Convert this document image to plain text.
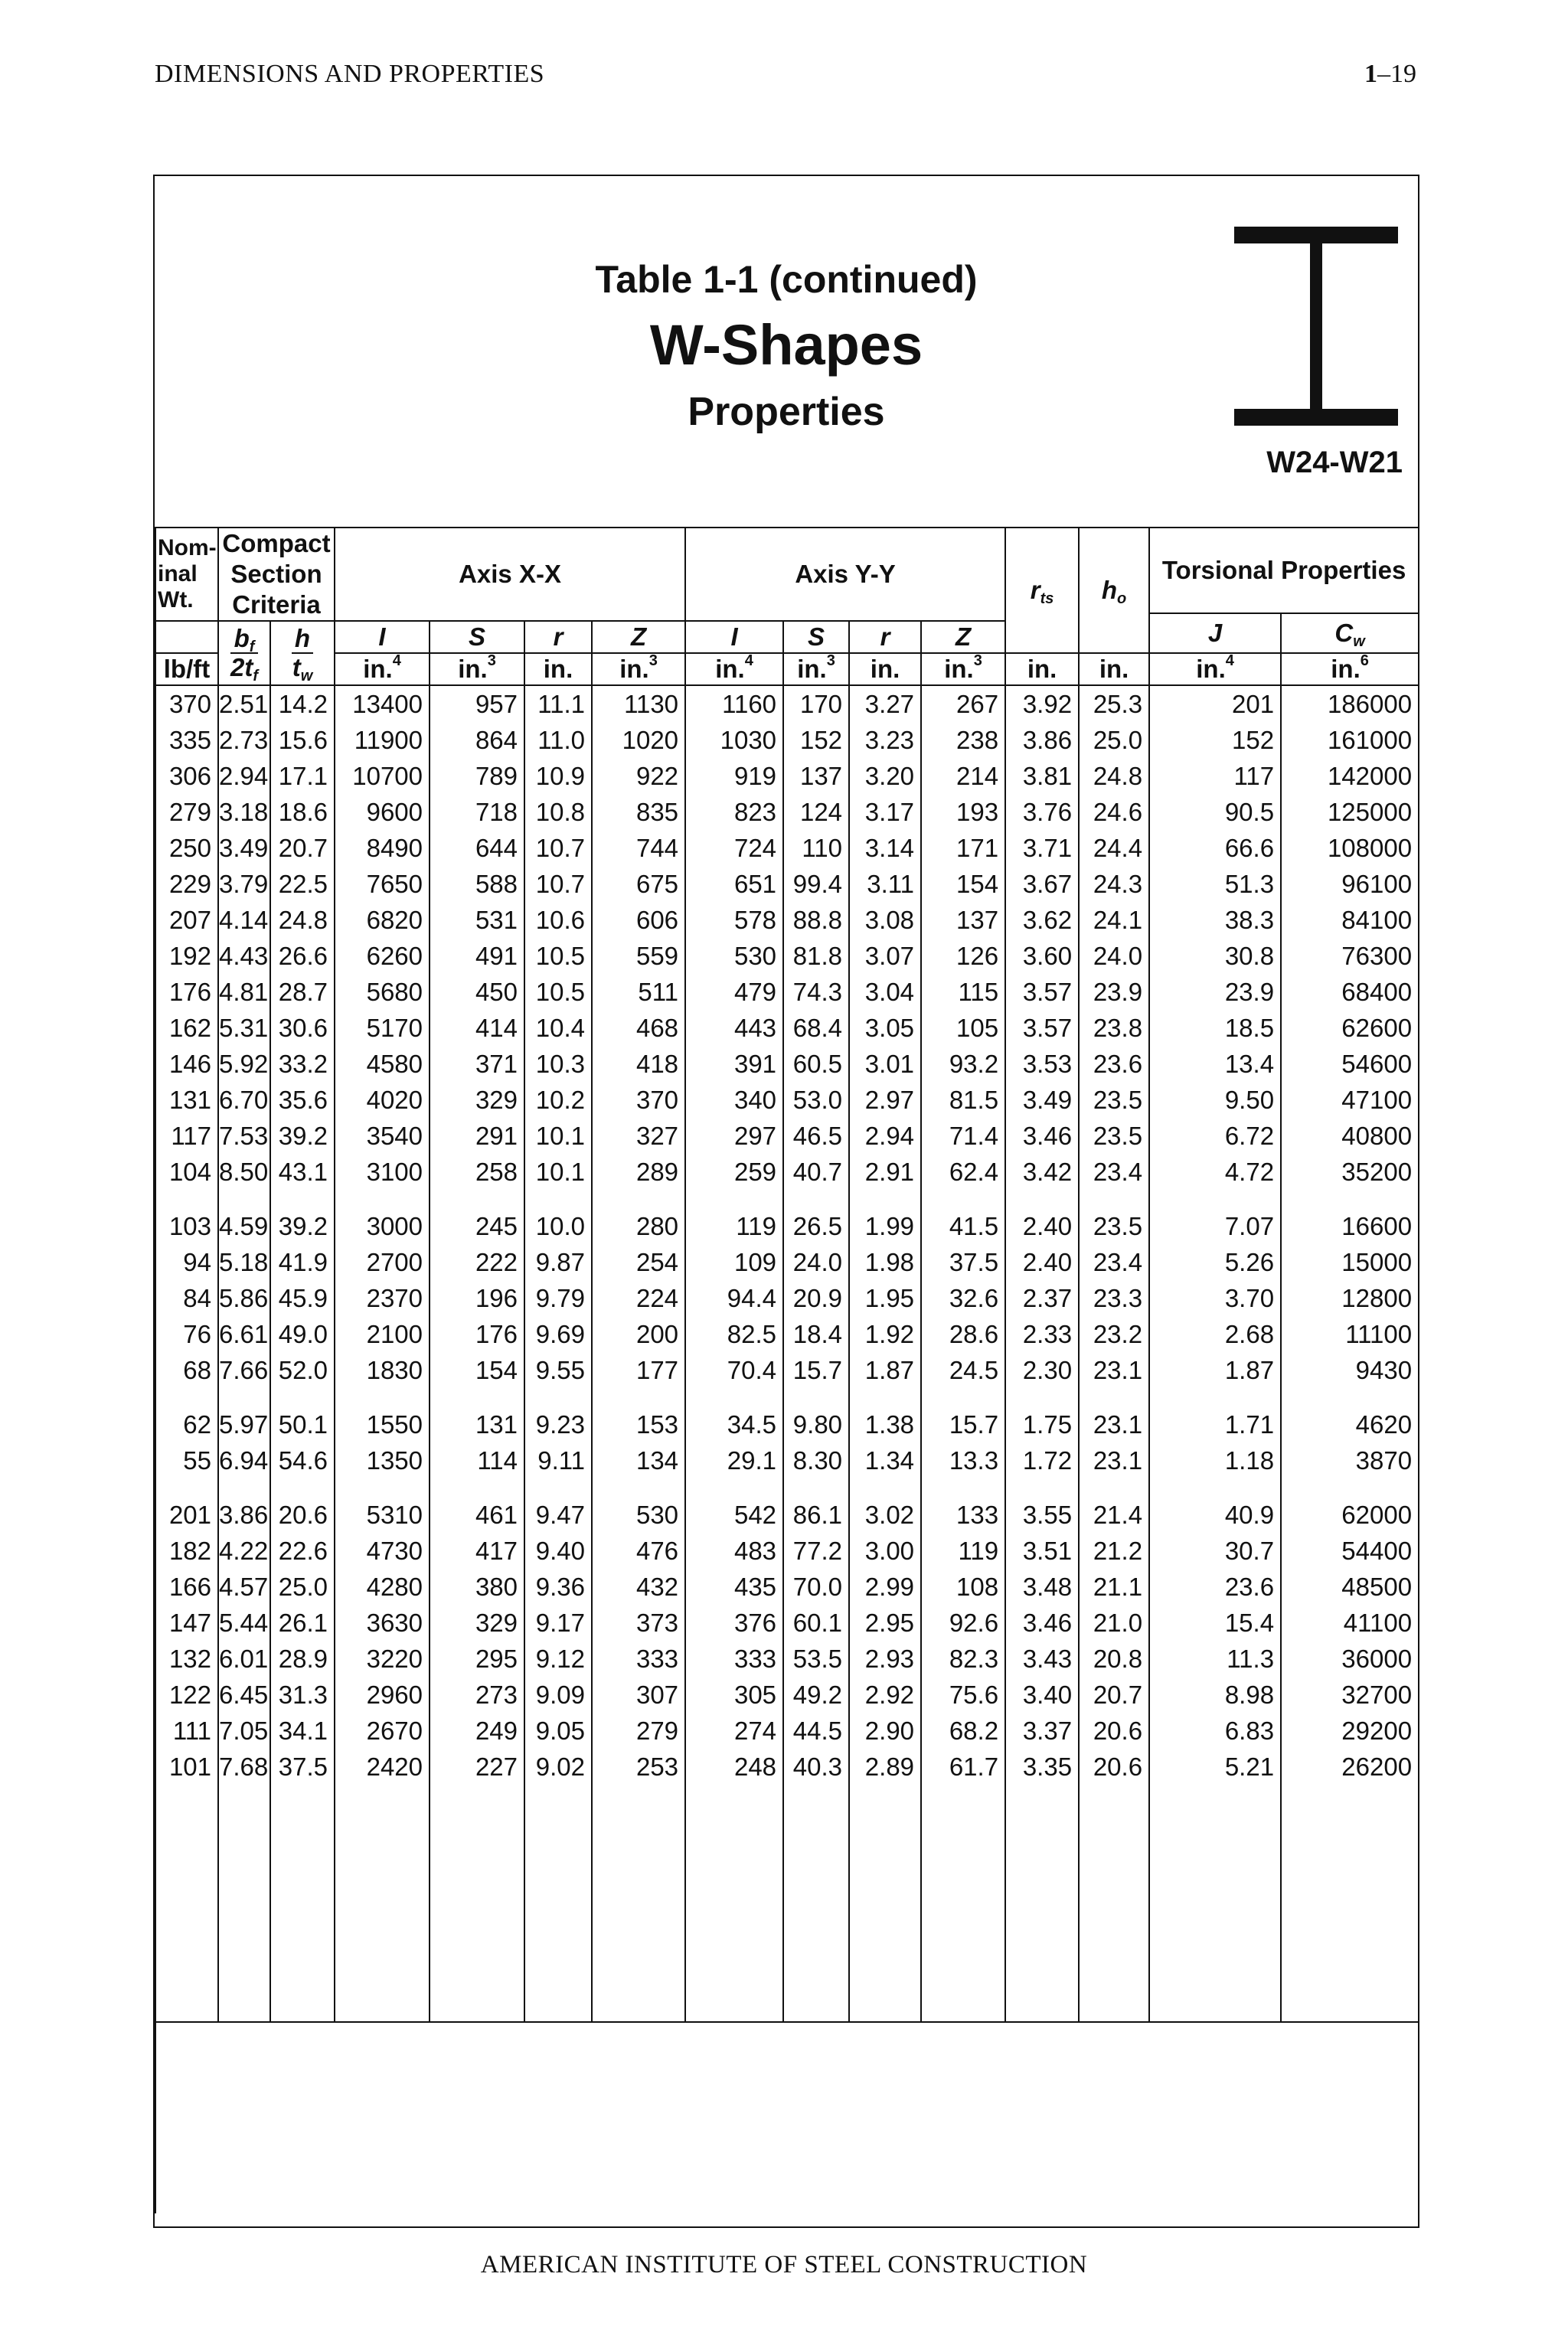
DIMENSIONS AND PROPERTIES	1–19
Table 1-1 (continued)
W-Shapes
Properties
W24-W21
Nom-inal Wt.	Compact Section Criteria		Axis X-X				Axis Y-Y				$r_{ts}$	$h_o$	Torsional Properties	
													J	$C_w$

	$\frac{b_f}{2t_f}$	$\frac{h}{t_w}$	I	S	r	Z	I	S	r	Z				
lb/ft			in.$^4$	in.$^3$	in.	in.$^3$	in.$^4$	in.$^3$	in.	in.$^3$	in.	in.	in.$^4$	in.$^6$
370	2.51	14.2	13400	957	11.1	1130	1160	170	3.27	267	3.92	25.3	201	186000
335	2.73	15.6	11900	864	11.0	1020	1030	152	3.23	238	3.86	25.0	152	161000
306	2.94	17.1	10700	789	10.9	922	919	137	3.20	214	3.81	24.8	117	142000
279	3.18	18.6	9600	718	10.8	835	823	124	3.17	193	3.76	24.6	90.5	125000
250	3.49	20.7	8490	644	10.7	744	724	110	3.14	171	3.71	24.4	66.6	108000
229	3.79	22.5	7650	588	10.7	675	651	99.4	3.11	154	3.67	24.3	51.3	96100
207	4.14	24.8	6820	531	10.6	606	578	88.8	3.08	137	3.62	24.1	38.3	84100
192	4.43	26.6	6260	491	10.5	559	530	81.8	3.07	126	3.60	24.0	30.8	76300
176	4.81	28.7	5680	450	10.5	511	479	74.3	3.04	115	3.57	23.9	23.9	68400
162	5.31	30.6	5170	414	10.4	468	443	68.4	3.05	105	3.57	23.8	18.5	62600
146	5.92	33.2	4580	371	10.3	418	391	60.5	3.01	93.2	3.53	23.6	13.4	54600
131	6.70	35.6	4020	329	10.2	370	340	53.0	2.97	81.5	3.49	23.5	9.50	47100
117	7.53	39.2	3540	291	10.1	327	297	46.5	2.94	71.4	3.46	23.5	6.72	40800
104	8.50	43.1	3100	258	10.1	289	259	40.7	2.91	62.4	3.42	23.4	4.72	35200
103	4.59	39.2	3000	245	10.0	280	119	26.5	1.99	41.5	2.40	23.5	7.07	16600
94	5.18	41.9	2700	222	9.87	254	109	24.0	1.98	37.5	2.40	23.4	5.26	15000
84	5.86	45.9	2370	196	9.79	224	94.4	20.9	1.95	32.6	2.37	23.3	3.70	12800
76	6.61	49.0	2100	176	9.69	200	82.5	18.4	1.92	28.6	2.33	23.2	2.68	11100
68	7.66	52.0	1830	154	9.55	177	70.4	15.7	1.87	24.5	2.30	23.1	1.87	9430
62	5.97	50.1	1550	131	9.23	153	34.5	9.80	1.38	15.7	1.75	23.1	1.71	4620
55	6.94	54.6	1350	114	9.11	134	29.1	8.30	1.34	13.3	1.72	23.1	1.18	3870
201	3.86	20.6	5310	461	9.47	530	542	86.1	3.02	133	3.55	21.4	40.9	62000
182	4.22	22.6	4730	417	9.40	476	483	77.2	3.00	119	3.51	21.2	30.7	54400
166	4.57	25.0	4280	380	9.36	432	435	70.0	2.99	108	3.48	21.1	23.6	48500
147	5.44	26.1	3630	329	9.17	373	376	60.1	2.95	92.6	3.46	21.0	15.4	41100
132	6.01	28.9	3220	295	9.12	333	333	53.5	2.93	82.3	3.43	20.8	11.3	36000
122	6.45	31.3	2960	273	9.09	307	305	49.2	2.92	75.6	3.40	20.7	8.98	32700
111	7.05	34.1	2670	249	9.05	279	274	44.5	2.90	68.2	3.37	20.6	6.83	29200
101	7.68	37.5	2420	227	9.02	253	248	40.3	2.89	61.7	3.35	20.6	5.21	26200

AMERICAN INSTITUTE OF STEEL CONSTRUCTION
